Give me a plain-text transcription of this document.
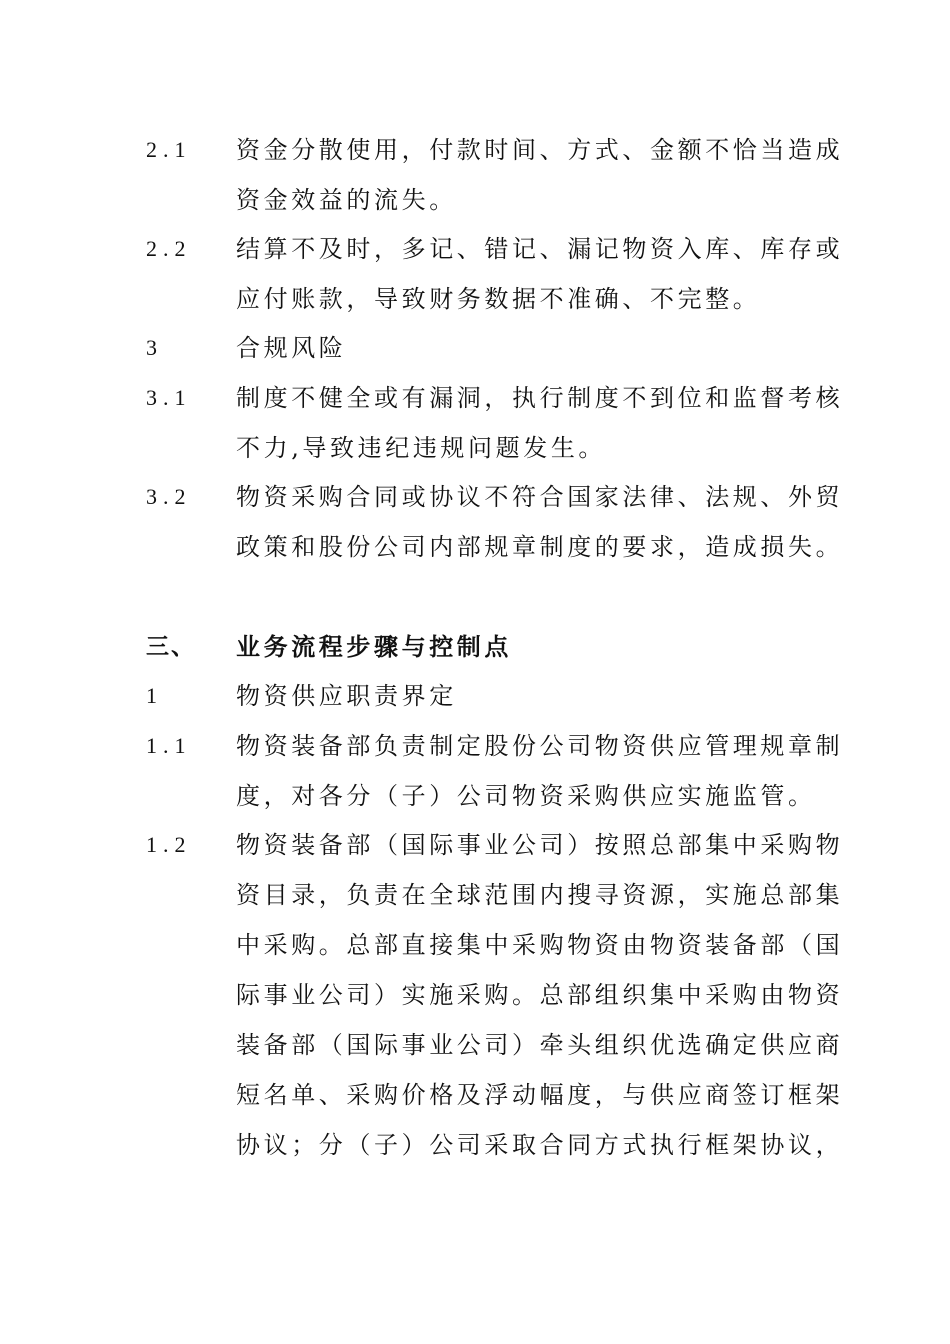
2.1 资金分散使用，付款时间、方式、金额不恰当造成
资金效益的流失。
2.2 结算不及时，多记、错记、漏记物资入库、库存或
应付账款，导致财务数据不准确、不完整。
3	合规风险
3.1 制度不健全或有漏洞，执行制度不到位和监督考核
不力,导致违纪违规问题发生。
3.2 物资采购合同或协议不符合国家法律、法规、外贸
政策和股份公司内部规章制度的要求，造成损失。
三、 业务流程步骤与控制点
1	物资供应职责界定
1.1 物资装备部负责制定股份公司物资供应管理规章制
度，对各分（子）公司物资采购供应实施监管。
1.2 物资装备部（国际事业公司）按照总部集中采购物
资目录，负责在全球范围内搜寻资源，实施总部集
中采购。总部直接集中采购物资由物资装备部（国
际事业公司）实施采购。总部组织集中采购由物资
装备部（国际事业公司）牵头组织优选确定供应商
短名单、采购价格及浮动幅度，与供应商签订框架
协议；分（子）公司采取合同方式执行框架协议，
